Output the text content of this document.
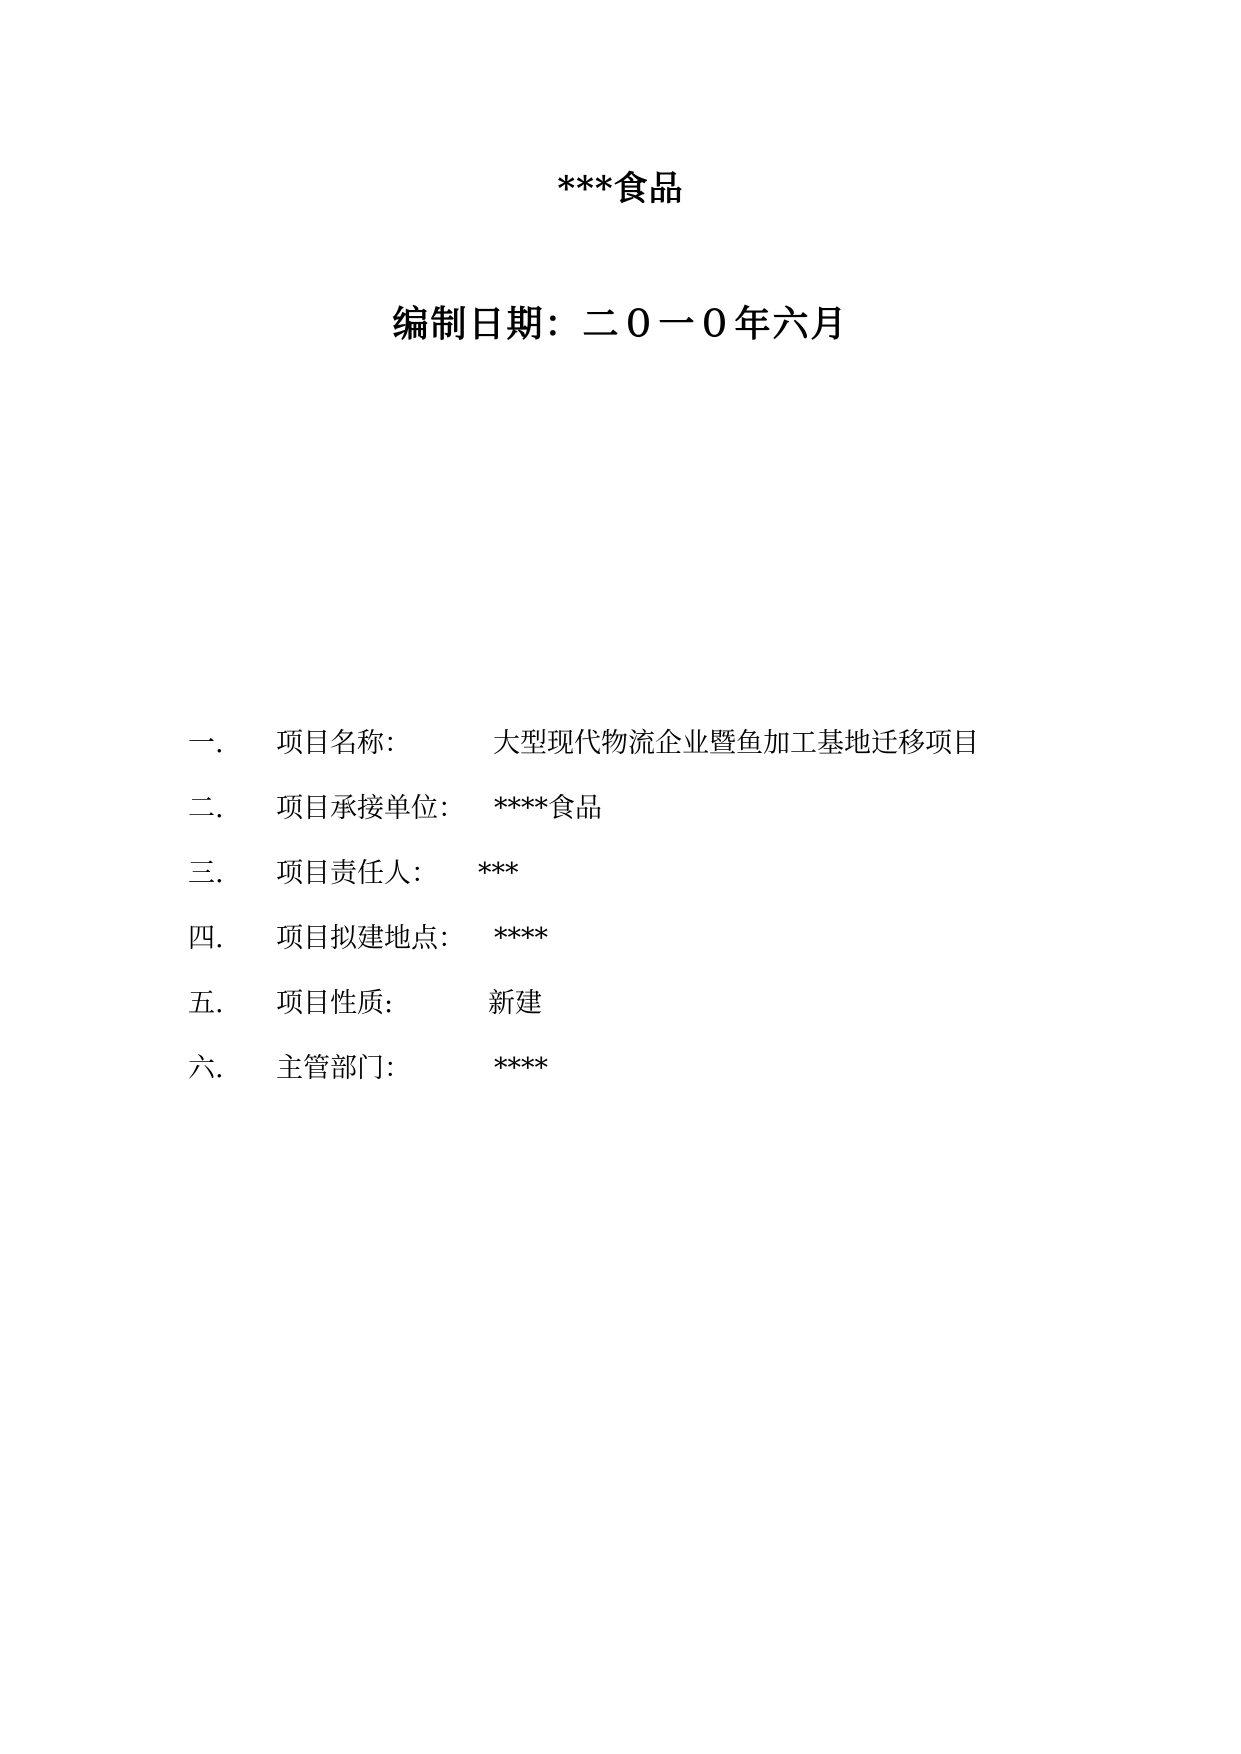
***食品
编制日期：二０一０年六月
一. 项目名称：	大型现代物流企业暨鱼加工基地迁移项目
二. 项目承接单位： ****食品
三. 项目责任人： ***
四. 项目拟建地点： ****
五. 项目性质:	新建
六. 主管部门：	****
